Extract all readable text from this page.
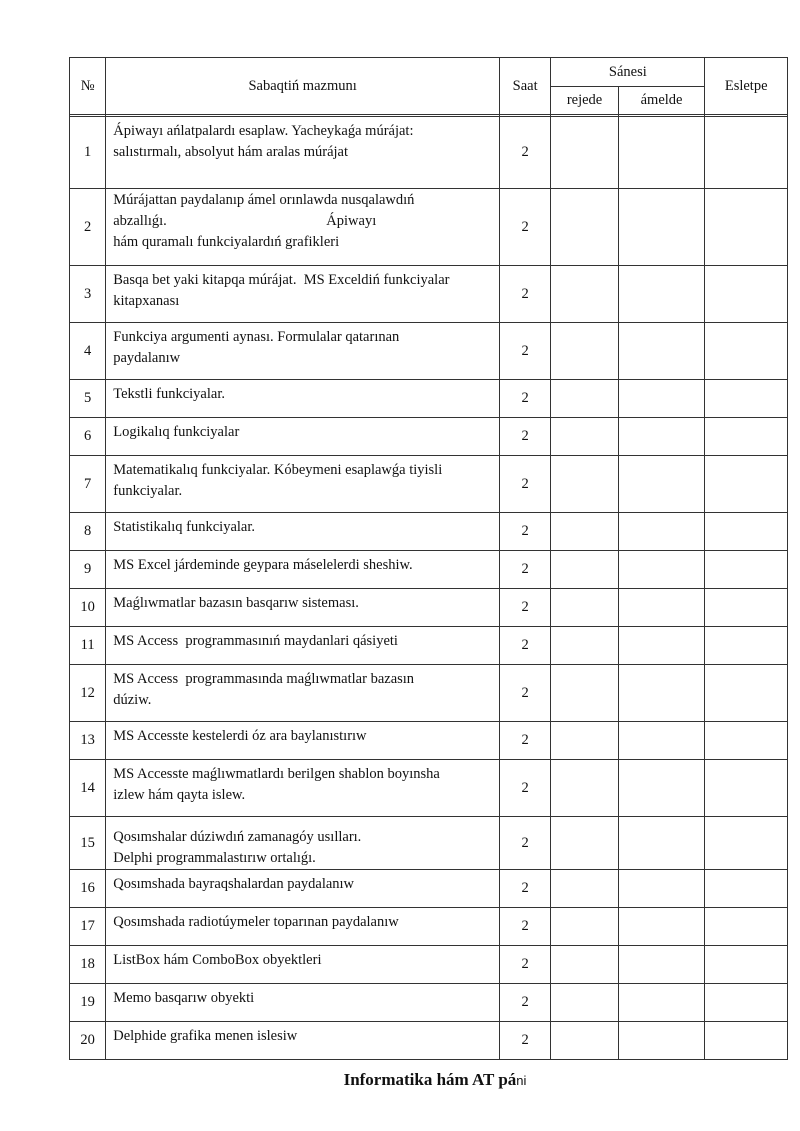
№	Sabaqtiń mazmunı	Saat	Sánesi		Esletpe
			rejede	ámelde	

1	Ápiwayı ańlatpalardı esaplaw. Yacheykaǵa múrájat:
salıstırmalı, absolyut hám aralas múrájat	2			
2	Múrájattan paydalanıp ámel orınlawda nusqalawdıń
abzallıǵı.                                            Ápiwayı
hám quramalı funkciyalardıń grafikleri	2			
3	Basqa bet yaki kitapqa múrájat.  MS Exceldiń funkciyalar
kitapxanası	2			
4	Funkciya argumenti aynası. Formulalar qatarınan
paydalanıw	2			
5	Tekstli funkciyalar.	2			
6	Logikalıq funkciyalar	2			
7	Matematikalıq funkciyalar. Kóbeymeni esaplawǵa tiyisli
funkciyalar.	2			
8	Statistikalıq funkciyalar.	2			
9	MS Excel járdeminde geypara máselelerdi sheshiw.	2			
10	Maǵlıwmatlar bazasın basqarıw sisteması.	2			
11	MS Access  programmasınıń maydanlari qásiyeti	2			
12	MS Access  programmasında maǵlıwmatlar bazasın
dúziw.	2			
13	MS Accesste kestelerdi óz ara baylanıstırıw	2			
14	MS Accesste maǵlıwmatlardı berilgen shablon boyınsha
izlew hám qayta islew.	2			
15	Qosımshalar dúziwdıń zamanagóy usılları.
Delphi programmalastırıw ortalıǵı.	2			
16	Qosımshada bayraqshalardan paydalanıw	2			
17	Qosımshada radiotúymeler toparınan paydalanıw	2			
18	ListBox hám ComboBox obyektleri	2			
19	Memo basqarıw obyekti	2			
20	Delphide grafika menen islesiw	2			
Informatika hám AT páni
